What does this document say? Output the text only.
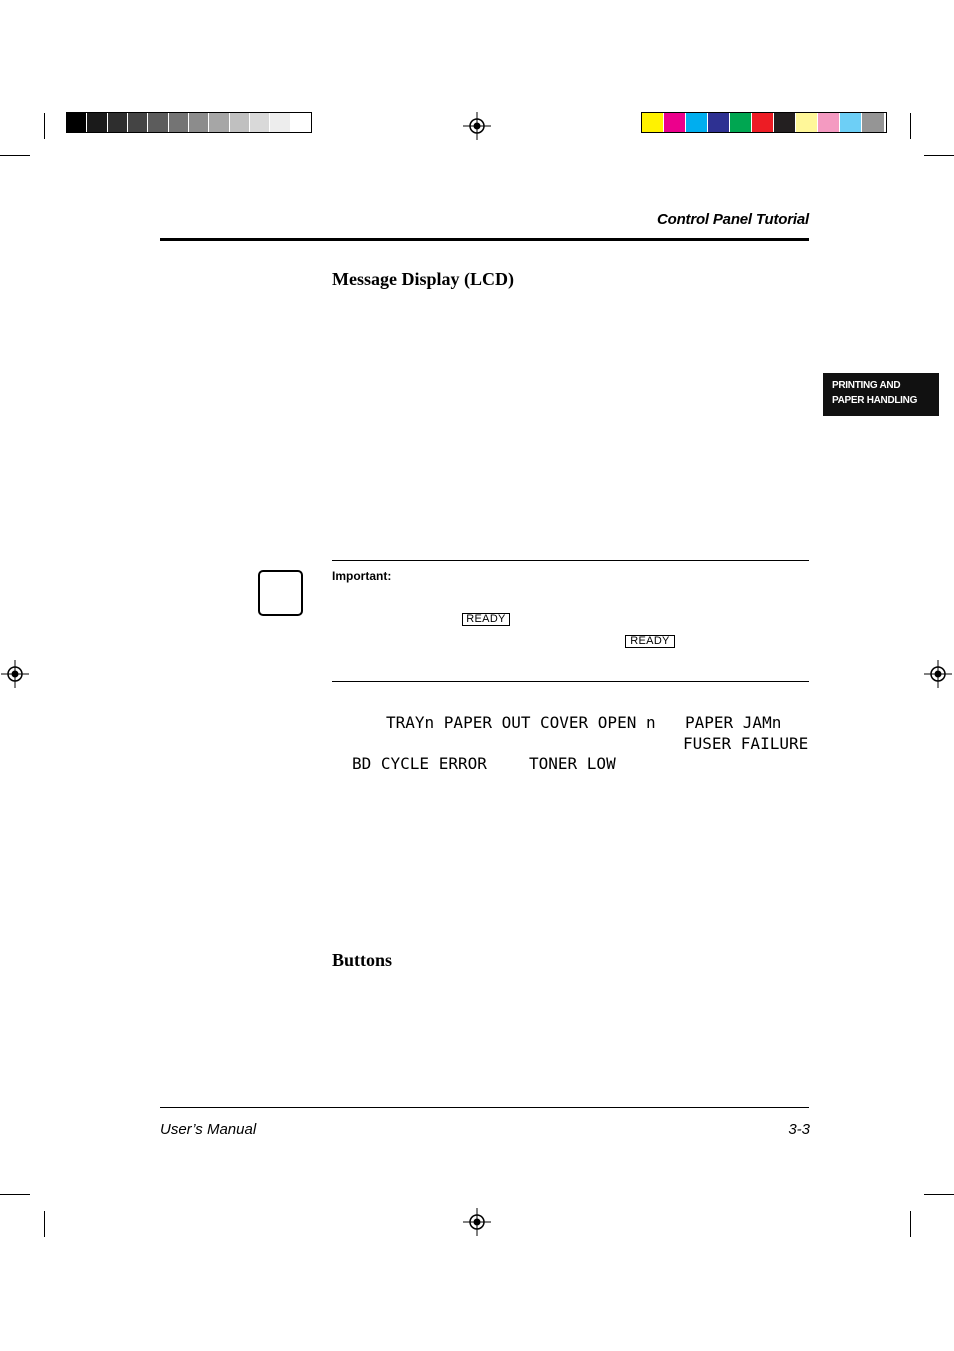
Control Panel Tutorial
Message Display (LCD)
PRINTING AND
PAPER HANDLING
Important:
READY
READY
TRAYn PAPER OUT COVER OPEN n PAPER JAMn
FUSER FAILURE
BD CYCLE ERROR	TONER LOW
Buttons
User’s Manual	3-3
